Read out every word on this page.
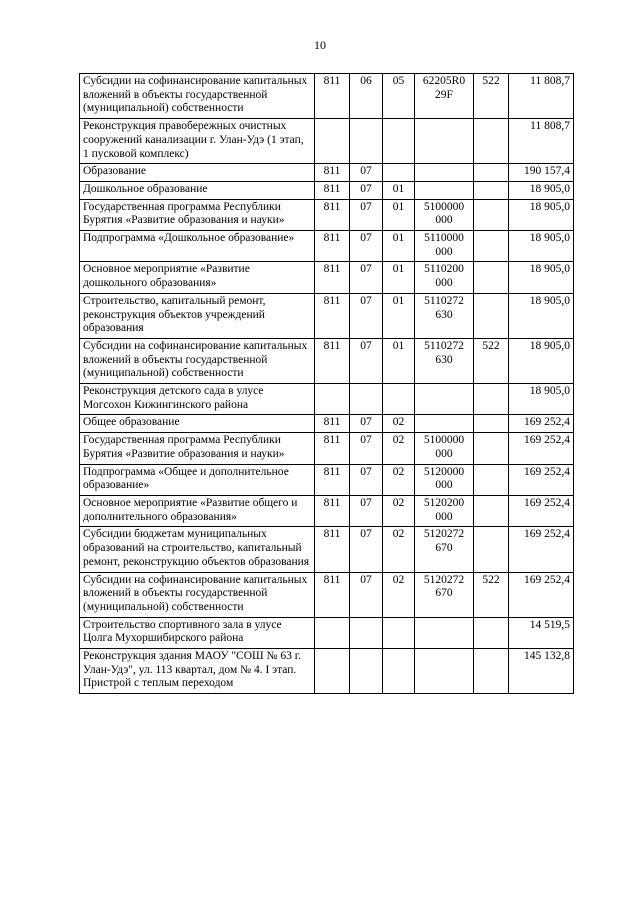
10
Субсидии на софинансирование капитальных вложений в объекты государственной (муниципальной) собственности	811	06	05	62205R0 29F	522	11 808,7
Реконструкция правобережных очистных сооружений канализации г. Улан-Удэ (1 этап, 1 пусковой комплекс)						11 808,7
Образование	811	07				190 157,4
Дошкольное образование	811	07	01			18 905,0
Государственная программа Республики Бурятия «Развитие образования и науки»	811	07	01	5100000 000		18 905,0
Подпрограмма «Дошкольное образование»	811	07	01	5110000 000		18 905,0
Основное мероприятие «Развитие дошкольного образования»	811	07	01	5110200 000		18 905,0
Строительство, капитальный ремонт, реконструкция объектов учреждений образования	811	07	01	5110272 630		18 905,0
Субсидии на софинансирование капитальных вложений в объекты государственной (муниципальной) собственности	811	07	01	5110272 630	522	18 905,0
Реконструкция детского сада в улусе Могсохон Кижингинского района						18 905,0
Общее образование	811	07	02			169 252,4
Государственная программа Республики Бурятия «Развитие образования и науки»	811	07	02	5100000 000		169 252,4
Подпрограмма «Общее и дополнительное образование»	811	07	02	5120000 000		169 252,4
Основное мероприятие «Развитие общего и дополнительного образования»	811	07	02	5120200 000		169 252,4
Субсидии бюджетам муниципальных образований на строительство, капитальный ремонт, реконструкцию объектов образования	811	07	02	5120272 670		169 252,4
Субсидии на софинансирование капитальных вложений в объекты государственной (муниципальной) собственности	811	07	02	5120272 670	522	169 252,4
Строительство спортивного зала в улусе Цолга Мухоршибирского района						14 519,5
Реконструкция здания МАОУ "СОШ № 63 г. Улан-Удэ", ул. 113 квартал, дом № 4. I этап. Пристрой с теплым переходом						145 132,8
